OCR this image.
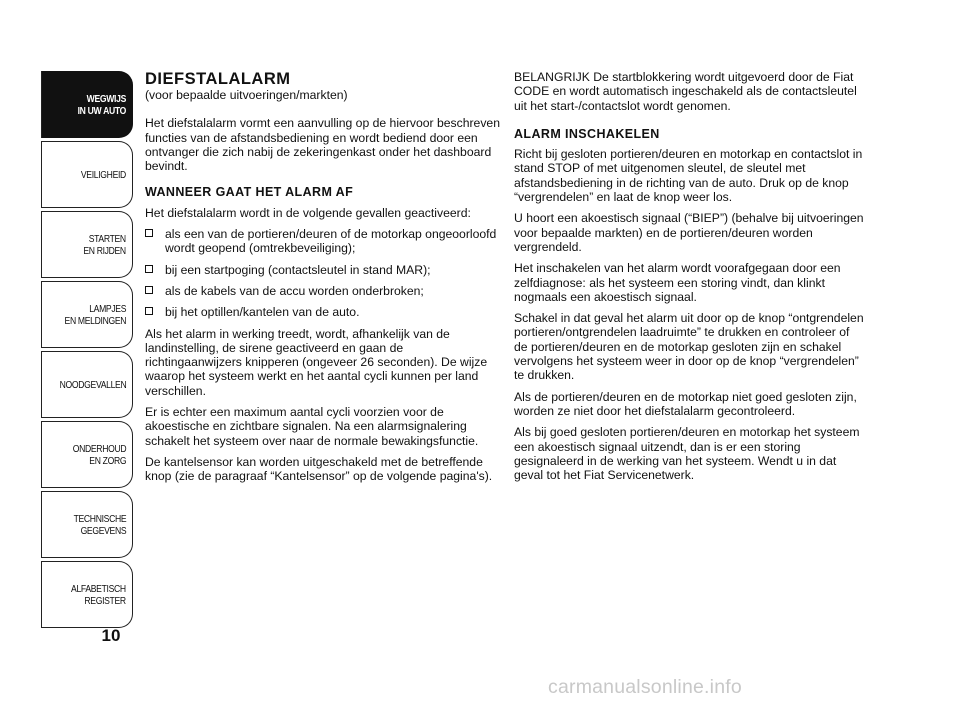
WEGWIJS
IN UW AUTO
VEILIGHEID
STARTEN
EN RIJDEN
LAMPJES
EN MELDINGEN
NOODGEVALLEN
ONDERHOUD
EN ZORG
TECHNISCHE
GEGEVENS
ALFABETISCH
REGISTER
10
DIEFSTALALARM

(voor bepaalde uitvoeringen/markten)

Het diefstalalarm vormt een aanvulling op de hiervoor beschreven functies van de afstandsbediening en wordt bediend door een ontvanger die zich nabij de zekeringenkast onder het dashboard bevindt.

WANNEER GAAT HET ALARM AF

Het diefstalalarm wordt in de volgende gevallen geactiveerd:

als een van de portieren/deuren of de motorkap ongeoorloofd wordt geopend (omtrekbeveiliging);
bij een startpoging (contactsleutel in stand MAR);
als de kabels van de accu worden onderbroken;
bij het optillen/kantelen van de auto.

Als het alarm in werking treedt, wordt, afhankelijk van de landinstelling, de sirene geactiveerd en gaan de richtingaanwijzers knipperen (ongeveer 26 seconden). De wijze waarop het systeem werkt en het aantal cycli kunnen per land verschillen.

Er is echter een maximum aantal cycli voorzien voor de akoestische en zichtbare signalen. Na een alarmsignalering schakelt het systeem over naar de normale bewakingsfunctie.

De kantelsensor kan worden uitgeschakeld met de betreffende knop (zie de paragraaf “Kantelsensor” op de volgende pagina's).

BELANGRIJK De startblokkering wordt uitgevoerd door de Fiat CODE en wordt automatisch ingeschakeld als de contactsleutel uit het start-/contactslot wordt genomen.

ALARM INSCHAKELEN

Richt bij gesloten portieren/deuren en motorkap en contactslot in stand STOP of met uitgenomen sleutel, de sleutel met afstandsbediening in de richting van de auto. Druk op de knop “vergrendelen” en laat de knop weer los.

U hoort een akoestisch signaal (“BIEP”) (behalve bij uitvoeringen voor bepaalde markten) en de portieren/deuren worden vergrendeld.

Het inschakelen van het alarm wordt voorafgegaan door een zelfdiagnose: als het systeem een storing vindt, dan klinkt nogmaals een akoestisch signaal.

Schakel in dat geval het alarm uit door op de knop “ontgrendelen portieren/ontgrendelen laadruimte” te drukken en controleer of de portieren/deuren en de motorkap gesloten zijn en schakel vervolgens het systeem weer in door op de knop “vergrendelen” te drukken.

Als de portieren/deuren en de motorkap niet goed gesloten zijn, worden ze niet door het diefstalalarm gecontroleerd.

Als bij goed gesloten portieren/deuren en motorkap het systeem een akoestisch signaal uitzendt, dan is er een storing gesignaleerd in de werking van het systeem. Wendt u in dat geval tot het Fiat Servicenetwerk.

carmanualsonline.info
